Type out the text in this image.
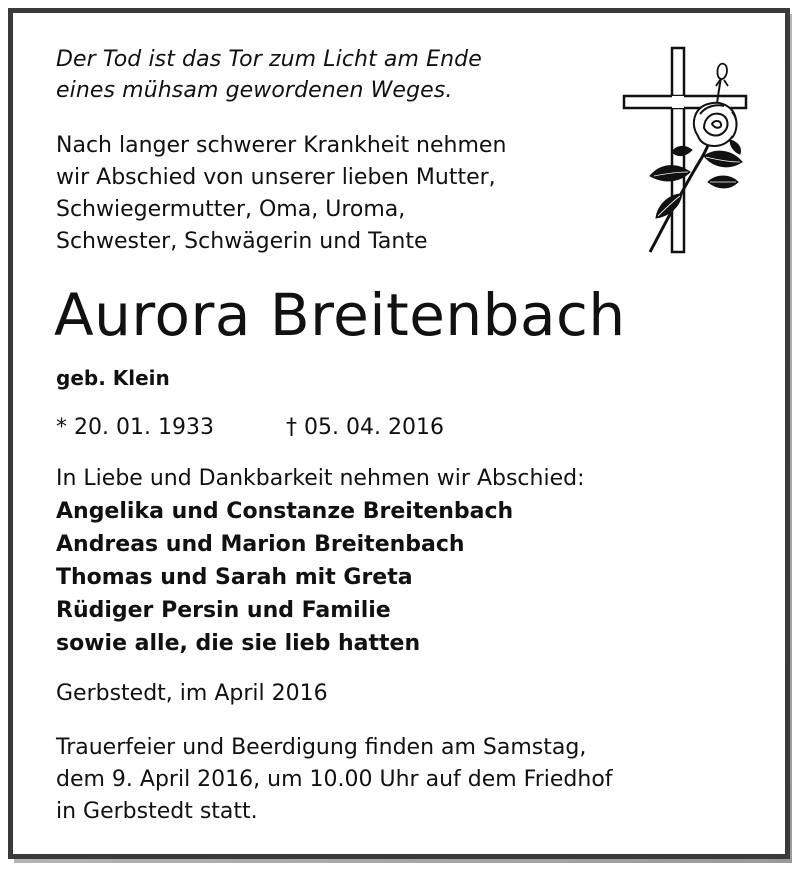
Der Tod ist das Tor zum Licht am Ende
eines mühsam gewordenen Weges.
Nach langer schwerer Krankheit nehmen
wir Abschied von unserer lieben Mutter,
Schwiegermutter, Oma, Uroma,
Schwester, Schwägerin und Tante
Aurora Breitenbach
geb. Klein
* 20. 01. 1933	† 05. 04. 2016
In Liebe und Dankbarkeit nehmen wir Abschied:
Angelika und Constanze Breitenbach
Andreas und Marion Breitenbach
Thomas und Sarah mit Greta
Rüdiger Persin und Familie
sowie alle, die sie lieb hatten
Gerbstedt, im April 2016
Trauerfeier und Beerdigung finden am Samstag,
dem 9. April 2016, um 10.00 Uhr auf dem Friedhof
in Gerbstedt statt.
